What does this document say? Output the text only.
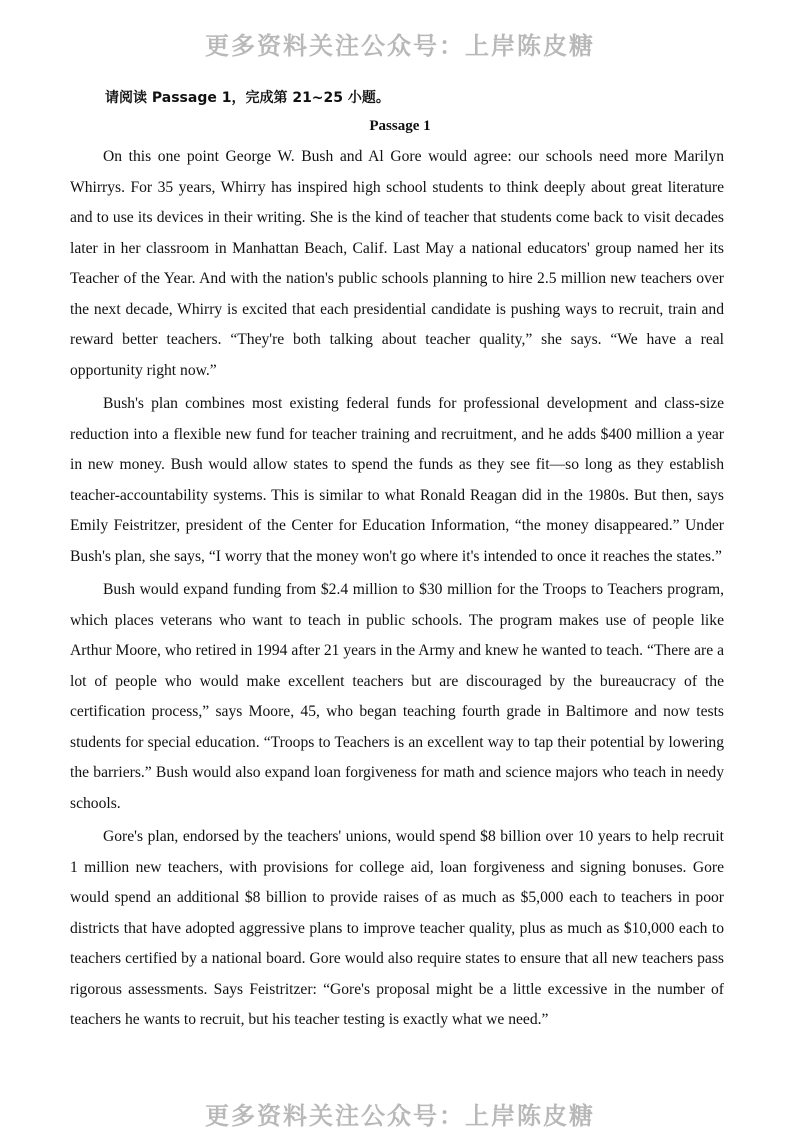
更多资料关注公众号：上岸陈皮糖
请阅读 Passage 1，完成第 21~25 小题。
Passage 1

On this one point George W. Bush and Al Gore would agree: our schools need more Marilyn Whirrys. For 35 years, Whirry has inspired high school students to think deeply about great literature and to use its devices in their writing. She is the kind of teacher that students come back to visit decades later in her classroom in Manhattan Beach, Calif. Last May a national educators' group named her its Teacher of the Year. And with the nation's public schools planning to hire 2.5 million new teachers over the next decade, Whirry is excited that each presidential candidate is pushing ways to recruit, train and reward better teachers. “They're both talking about teacher quality,” she says. “We have a real opportunity right now.”

Bush's plan combines most existing federal funds for professional development and class-size reduction into a flexible new fund for teacher training and recruitment, and he adds $400 million a year in new money. Bush would allow states to spend the funds as they see fit—so long as they establish teacher-accountability systems. This is similar to what Ronald Reagan did in the 1980s. But then, says Emily Feistritzer, president of the Center for Education Information, “the money disappeared.” Under Bush's plan, she says, “I worry that the money won't go where it's intended to once it reaches the states.”

Bush would expand funding from $2.4 million to $30 million for the Troops to Teachers program, which places veterans who want to teach in public schools. The program makes use of people like Arthur Moore, who retired in 1994 after 21 years in the Army and knew he wanted to teach. “There are a lot of people who would make excellent teachers but are discouraged by the bureaucracy of the certification process,” says Moore, 45, who began teaching fourth grade in Baltimore and now tests students for special education. “Troops to Teachers is an excellent way to tap their potential by lowering the barriers.” Bush would also expand loan forgiveness for math and science majors who teach in needy schools.

Gore's plan, endorsed by the teachers' unions, would spend $8 billion over 10 years to help recruit 1 million new teachers, with provisions for college aid, loan forgiveness and signing bonuses. Gore would spend an additional $8 billion to provide raises of as much as $5,000 each to teachers in poor districts that have adopted aggressive plans to improve teacher quality, plus as much as $10,000 each to teachers certified by a national board. Gore would also require states to ensure that all new teachers pass rigorous assessments. Says Feistritzer: “Gore's proposal might be a little excessive in the number of teachers he wants to recruit, but his teacher testing is exactly what we need.”

更多资料关注公众号：上岸陈皮糖
